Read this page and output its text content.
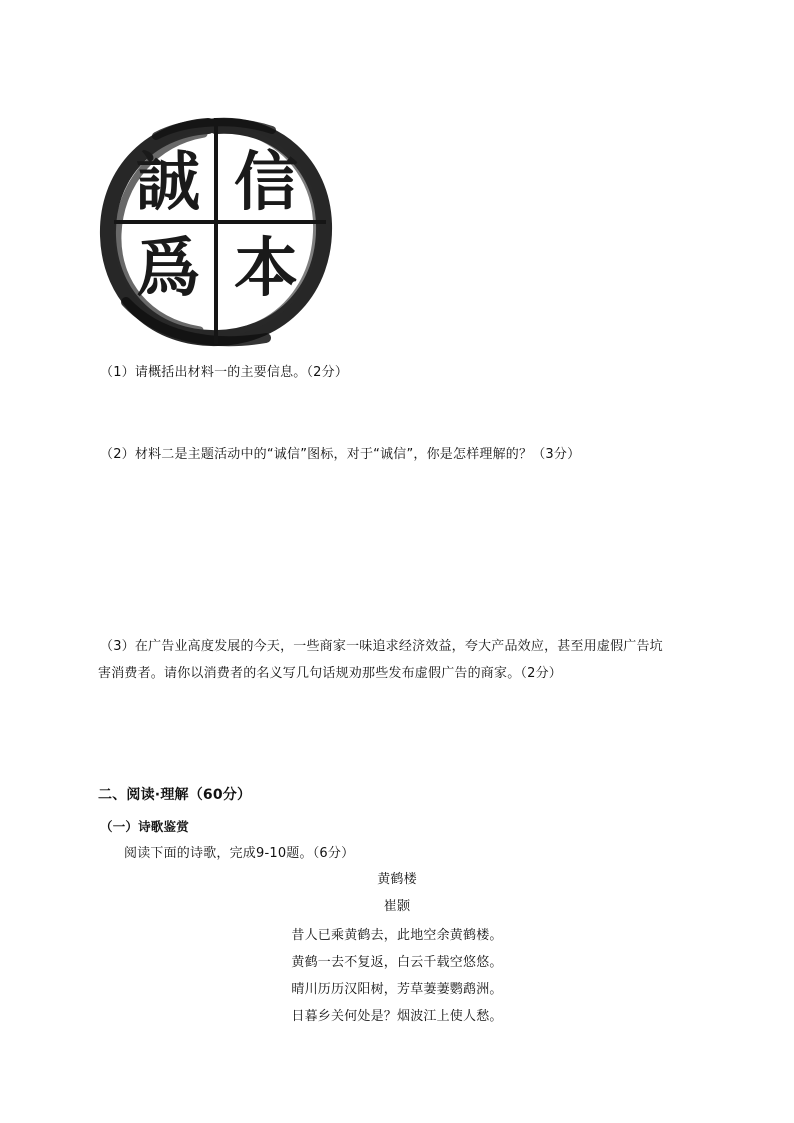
誠 信
爲 本
（1）请概括出材料一的主要信息。（2分）
（2）材料二是主题活动中的“诚信”图标，对于“诚信”，你是怎样理解的？（3分）
（3）在广告业高度发展的今天，一些商家一味追求经济效益，夸大产品效应，甚至用虚假广告坑
害消费者。请你以消费者的名义写几句话规劝那些发布虚假广告的商家。（2分）
二、阅读·理解（60分）
（一）诗歌鉴赏
阅读下面的诗歌，完成9-10题。（6分）
黄鹤楼
崔颢
昔人已乘黄鹤去，此地空余黄鹤楼。
黄鹤一去不复返，白云千载空悠悠。
晴川历历汉阳树，芳草萋萋鹦鹉洲。
日暮乡关何处是？烟波江上使人愁。
